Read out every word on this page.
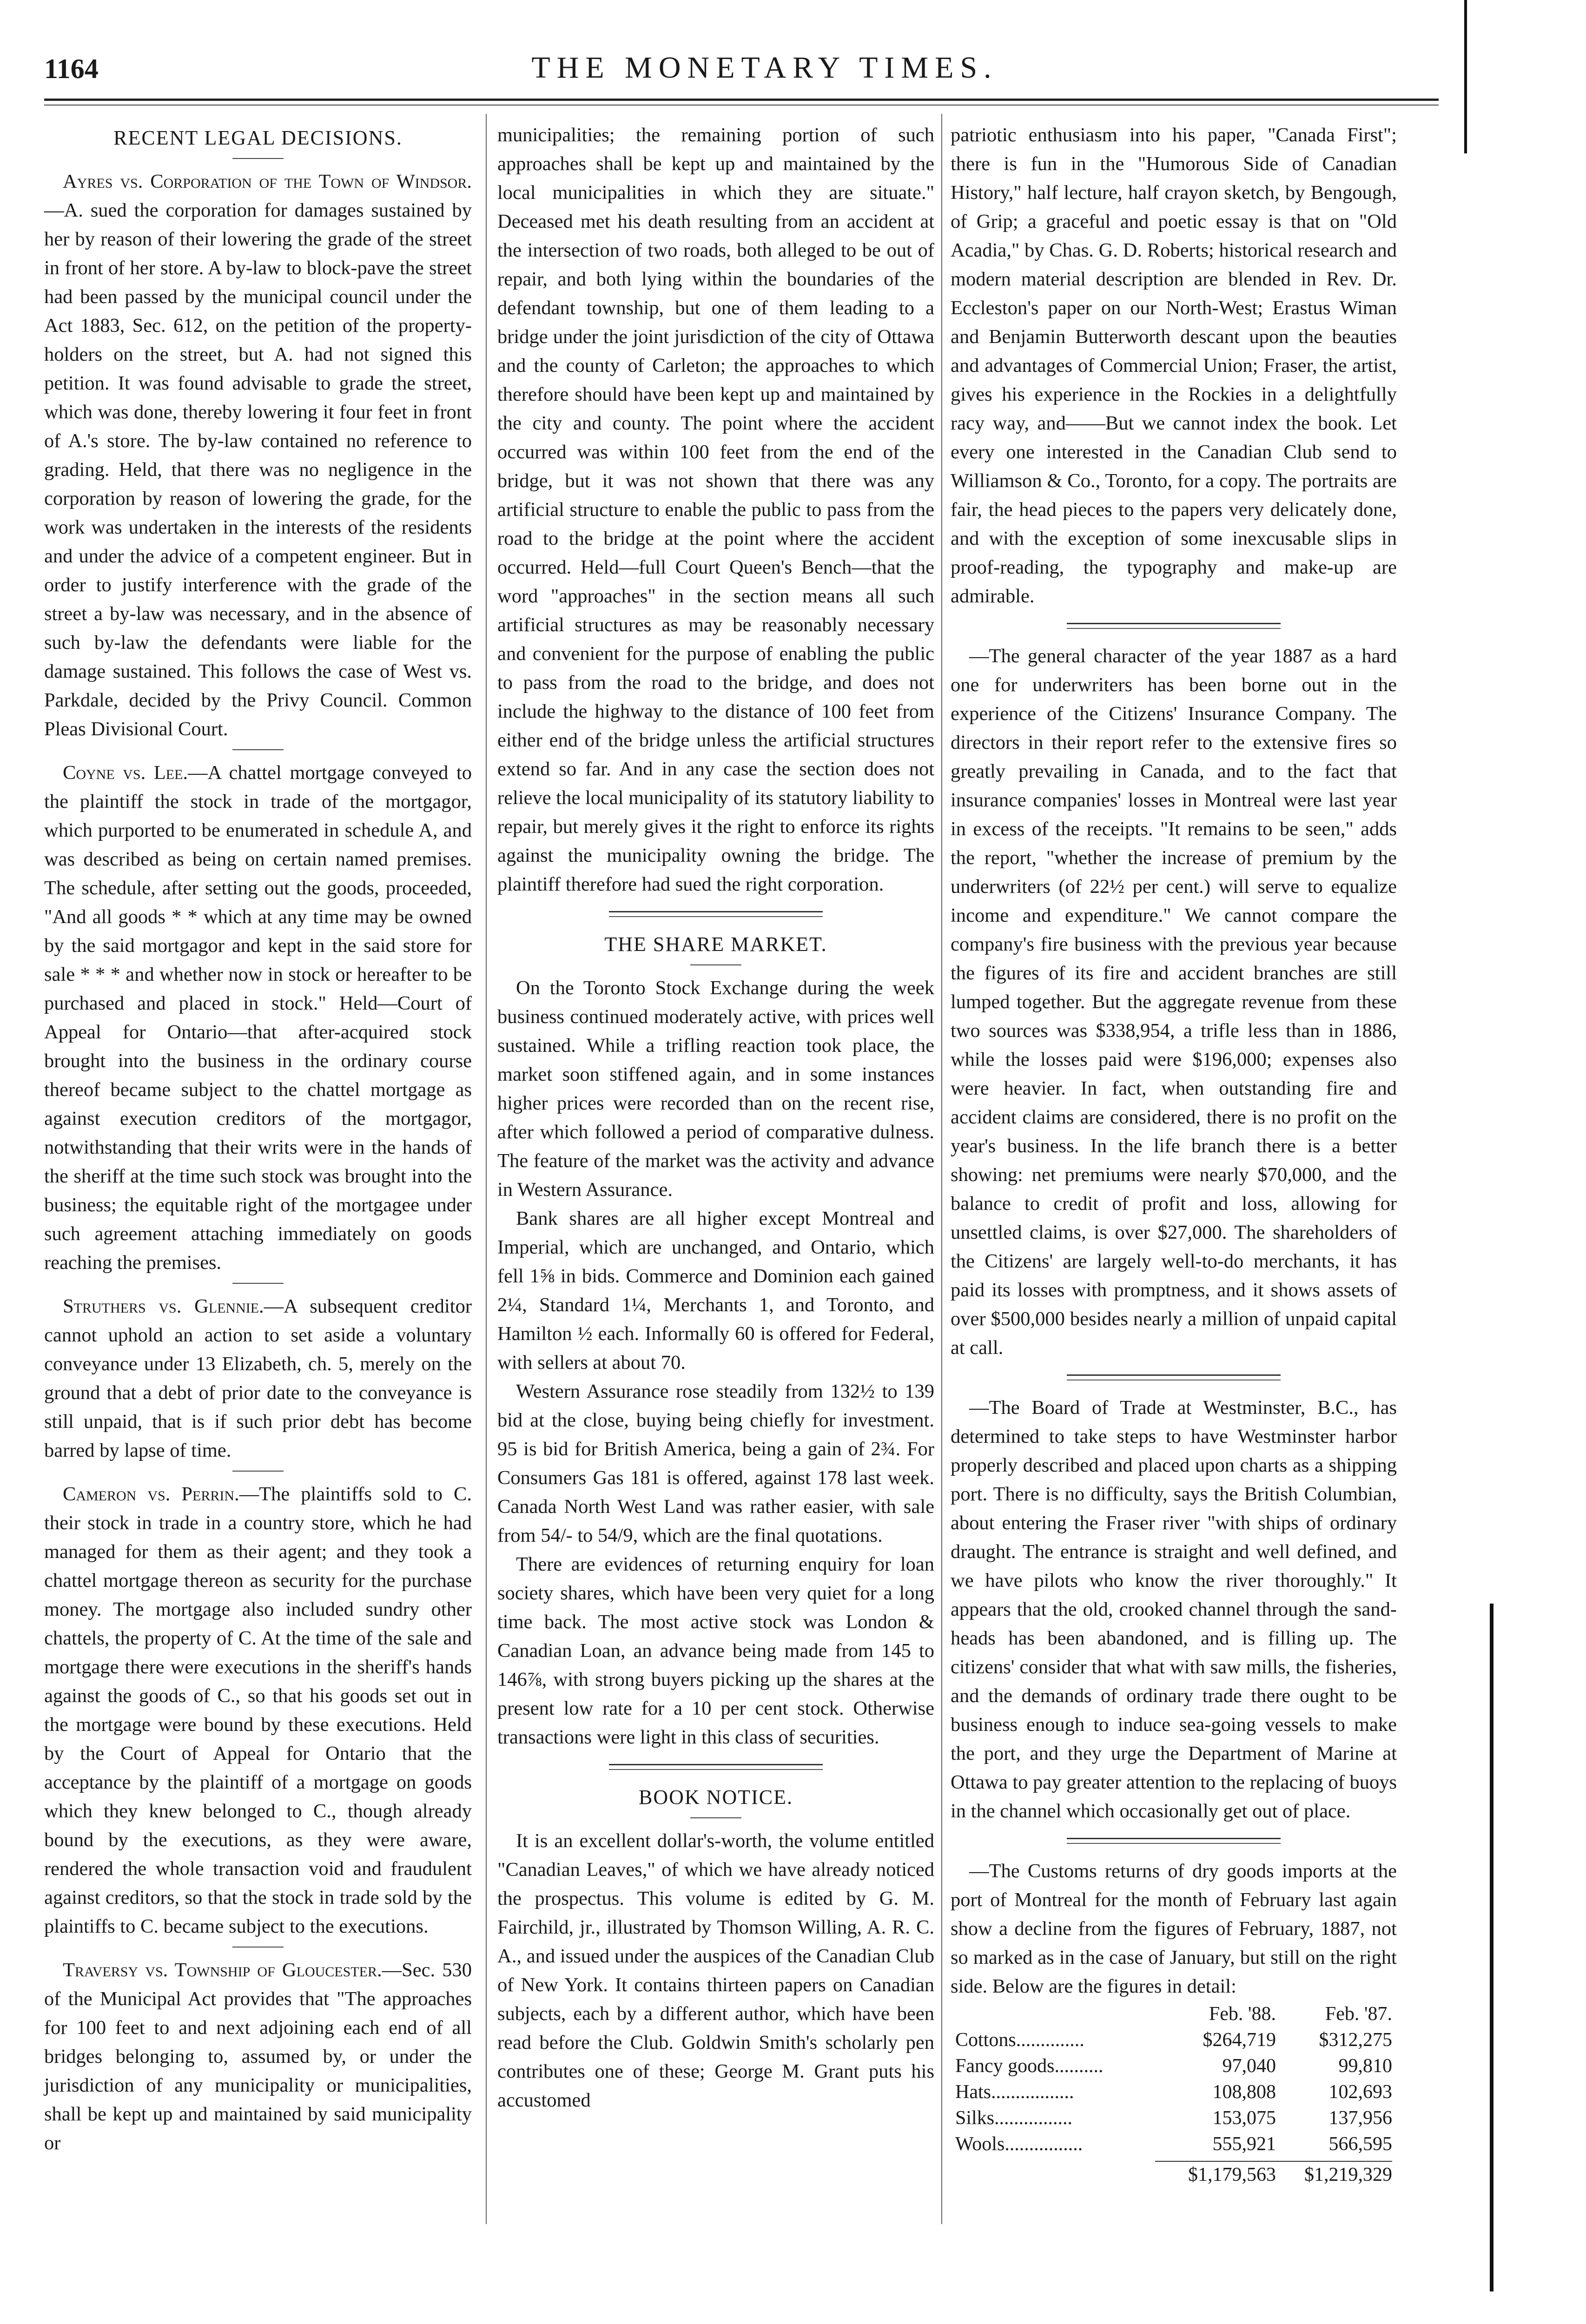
1164	THE MONETARY TIMES.
RECENT LEGAL DECISIONS.

Ayres vs. Corporation of the Town of Windsor.—A. sued the corporation for damages sustained by her by reason of their lowering the grade of the street in front of her store. A by-law to block-pave the street had been passed by the municipal council under the Act 1883, Sec. 612, on the petition of the property-holders on the street, but A. had not signed this petition. It was found advisable to grade the street, which was done, thereby lowering it four feet in front of A.'s store. The by-law contained no reference to grading. Held, that there was no negligence in the corporation by reason of lowering the grade, for the work was undertaken in the interests of the residents and under the advice of a competent engineer. But in order to justify interference with the grade of the street a by-law was necessary, and in the absence of such by-law the defendants were liable for the damage sustained. This follows the case of West vs. Parkdale, decided by the Privy Council. Common Pleas Divisional Court.

Coyne vs. Lee.—A chattel mortgage conveyed to the plaintiff the stock in trade of the mortgagor, which purported to be enumerated in schedule A, and was described as being on certain named premises. The schedule, after setting out the goods, proceeded, "And all goods * * which at any time may be owned by the said mortgagor and kept in the said store for sale * * * and whether now in stock or hereafter to be purchased and placed in stock." Held—Court of Appeal for Ontario—that after-acquired stock brought into the business in the ordinary course thereof became subject to the chattel mortgage as against execution creditors of the mortgagor, notwithstanding that their writs were in the hands of the sheriff at the time such stock was brought into the business; the equitable right of the mortgagee under such agreement attaching immediately on goods reaching the premises.

Struthers vs. Glennie.—A subsequent creditor cannot uphold an action to set aside a voluntary conveyance under 13 Elizabeth, ch. 5, merely on the ground that a debt of prior date to the conveyance is still unpaid, that is if such prior debt has become barred by lapse of time.

Cameron vs. Perrin.—The plaintiffs sold to C. their stock in trade in a country store, which he had managed for them as their agent; and they took a chattel mortgage thereon as security for the purchase money. The mortgage also included sundry other chattels, the property of C. At the time of the sale and mortgage there were executions in the sheriff's hands against the goods of C., so that his goods set out in the mortgage were bound by these executions. Held by the Court of Appeal for Ontario that the acceptance by the plaintiff of a mortgage on goods which they knew belonged to C., though already bound by the executions, as they were aware, rendered the whole transaction void and fraudulent against creditors, so that the stock in trade sold by the plaintiffs to C. became subject to the executions.

Traversy vs. Township of Gloucester.—Sec. 530 of the Municipal Act provides that "The approaches for 100 feet to and next adjoining each end of all bridges belonging to, assumed by, or under the jurisdiction of any municipality or municipalities, shall be kept up and maintained by said municipality or

municipalities; the remaining portion of such approaches shall be kept up and maintained by the local municipalities in which they are situate." Deceased met his death resulting from an accident at the intersection of two roads, both alleged to be out of repair, and both lying within the boundaries of the defendant township, but one of them leading to a bridge under the joint jurisdiction of the city of Ottawa and the county of Carleton; the approaches to which therefore should have been kept up and maintained by the city and county. The point where the accident occurred was within 100 feet from the end of the bridge, but it was not shown that there was any artificial structure to enable the public to pass from the road to the bridge at the point where the accident occurred. Held—full Court Queen's Bench—that the word "approaches" in the section means all such artificial structures as may be reasonably necessary and convenient for the purpose of enabling the public to pass from the road to the bridge, and does not include the highway to the distance of 100 feet from either end of the bridge unless the artificial structures extend so far. And in any case the section does not relieve the local municipality of its statutory liability to repair, but merely gives it the right to enforce its rights against the municipality owning the bridge. The plaintiff therefore had sued the right corporation.

THE SHARE MARKET.

On the Toronto Stock Exchange during the week business continued moderately active, with prices well sustained. While a trifling reaction took place, the market soon stiffened again, and in some instances higher prices were recorded than on the recent rise, after which followed a period of comparative dulness. The feature of the market was the activity and advance in Western Assurance.

Bank shares are all higher except Montreal and Imperial, which are unchanged, and Ontario, which fell 1⅝ in bids. Commerce and Dominion each gained 2¼, Standard 1¼, Merchants 1, and Toronto, and Hamilton ½ each. Informally 60 is offered for Federal, with sellers at about 70.

Western Assurance rose steadily from 132½ to 139 bid at the close, buying being chiefly for investment. 95 is bid for British America, being a gain of 2¾. For Consumers Gas 181 is offered, against 178 last week. Canada North West Land was rather easier, with sale from 54/- to 54/9, which are the final quotations.

There are evidences of returning enquiry for loan society shares, which have been very quiet for a long time back. The most active stock was London & Canadian Loan, an advance being made from 145 to 146⅞, with strong buyers picking up the shares at the present low rate for a 10 per cent stock. Otherwise transactions were light in this class of securities.

BOOK NOTICE.

It is an excellent dollar's-worth, the volume entitled "Canadian Leaves," of which we have already noticed the prospectus. This volume is edited by G. M. Fairchild, jr., illustrated by Thomson Willing, A. R. C. A., and issued under the auspices of the Canadian Club of New York. It contains thirteen papers on Canadian subjects, each by a different author, which have been read before the Club. Goldwin Smith's scholarly pen contributes one of these; George M. Grant puts his accustomed

patriotic enthusiasm into his paper, "Canada First"; there is fun in the "Humorous Side of Canadian History," half lecture, half crayon sketch, by Bengough, of Grip; a graceful and poetic essay is that on "Old Acadia," by Chas. G. D. Roberts; historical research and modern material description are blended in Rev. Dr. Eccleston's paper on our North-West; Erastus Wiman and Benjamin Butterworth descant upon the beauties and advantages of Commercial Union; Fraser, the artist, gives his experience in the Rockies in a delightfully racy way, and——But we cannot index the book. Let every one interested in the Canadian Club send to Williamson & Co., Toronto, for a copy. The portraits are fair, the head pieces to the papers very delicately done, and with the exception of some inexcusable slips in proof-reading, the typography and make-up are admirable.

—The general character of the year 1887 as a hard one for underwriters has been borne out in the experience of the Citizens' Insurance Company. The directors in their report refer to the extensive fires so greatly prevailing in Canada, and to the fact that insurance companies' losses in Montreal were last year in excess of the receipts. "It remains to be seen," adds the report, "whether the increase of premium by the underwriters (of 22½ per cent.) will serve to equalize income and expenditure." We cannot compare the company's fire business with the previous year because the figures of its fire and accident branches are still lumped together. But the aggregate revenue from these two sources was $338,954, a trifle less than in 1886, while the losses paid were $196,000; expenses also were heavier. In fact, when outstanding fire and accident claims are considered, there is no profit on the year's business. In the life branch there is a better showing: net premiums were nearly $70,000, and the balance to credit of profit and loss, allowing for unsettled claims, is over $27,000. The shareholders of the Citizens' are largely well-to-do merchants, it has paid its losses with promptness, and it shows assets of over $500,000 besides nearly a million of unpaid capital at call.

—The Board of Trade at Westminster, B.C., has determined to take steps to have Westminster harbor properly described and placed upon charts as a shipping port. There is no difficulty, says the British Columbian, about entering the Fraser river "with ships of ordinary draught. The entrance is straight and well defined, and we have pilots who know the river thoroughly." It appears that the old, crooked channel through the sand-heads has been abandoned, and is filling up. The citizens' consider that what with saw mills, the fisheries, and the demands of ordinary trade there ought to be business enough to induce sea-going vessels to make the port, and they urge the Department of Marine at Ottawa to pay greater attention to the replacing of buoys in the channel which occasionally get out of place.

—The Customs returns of dry goods imports at the port of Montreal for the month of February last again show a decline from the figures of February, 1887, not so marked as in the case of January, but still on the right side. Below are the figures in detail:

Feb. '88.	Feb. '87.
Cottons..............	$264,719	$312,275
Fancy goods..........	97,040	99,810
Hats.................	108,808	102,693
Silks................	153,075	137,956
Wools................	555,921	566,595
$1,179,563	$1,219,329
